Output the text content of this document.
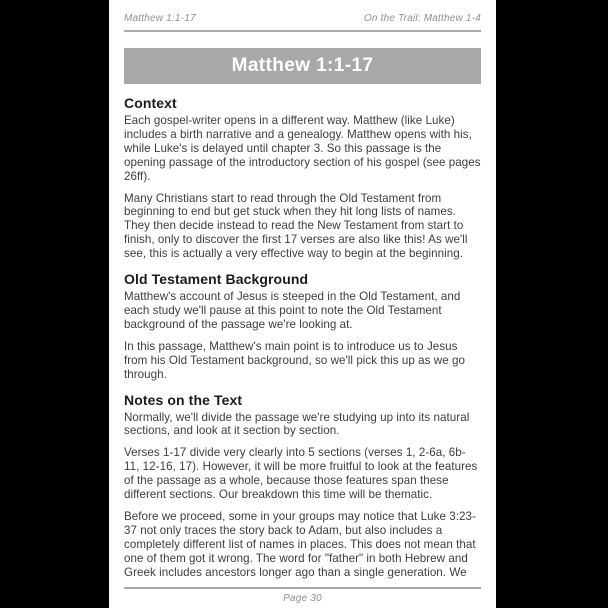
Matthew 1:1-17	On the Trail: Matthew 1-4
Matthew 1:1-17
Context

Each gospel-writer opens in a different way. Matthew (like Luke) includes a birth narrative and a genealogy. Matthew opens with his, while Luke's is delayed until chapter 3. So this passage is the opening passage of the introductory section of his gospel (see pages 26ff).

Many Christians start to read through the Old Testament from beginning to end but get stuck when they hit long lists of names. They then decide instead to read the New Testament from start to finish, only to discover the first 17 verses are also like this! As we'll see, this is actually a very effective way to begin at the beginning.

Old Testament Background

Matthew's account of Jesus is steeped in the Old Testament, and each study we'll pause at this point to note the Old Testament background of the passage we're looking at.

In this passage, Matthew's main point is to introduce us to Jesus from his Old Testament background, so we'll pick this up as we go through.

Notes on the Text

Normally, we'll divide the passage we're studying up into its natural sections, and look at it section by section.

Verses 1-17 divide very clearly into 5 sections (verses 1, 2-6a, 6b-11, 12-16, 17). However, it will be more fruitful to look at the features of the passage as a whole, because those features span these different sections. Our breakdown this time will be thematic.

Before we proceed, some in your groups may notice that Luke 3:23-37 not only traces the story back to Adam, but also includes a completely different list of names in places. This does not mean that one of them got it wrong. The word for "father" in both Hebrew and Greek includes ancestors longer ago than a single generation. We

Page 30
